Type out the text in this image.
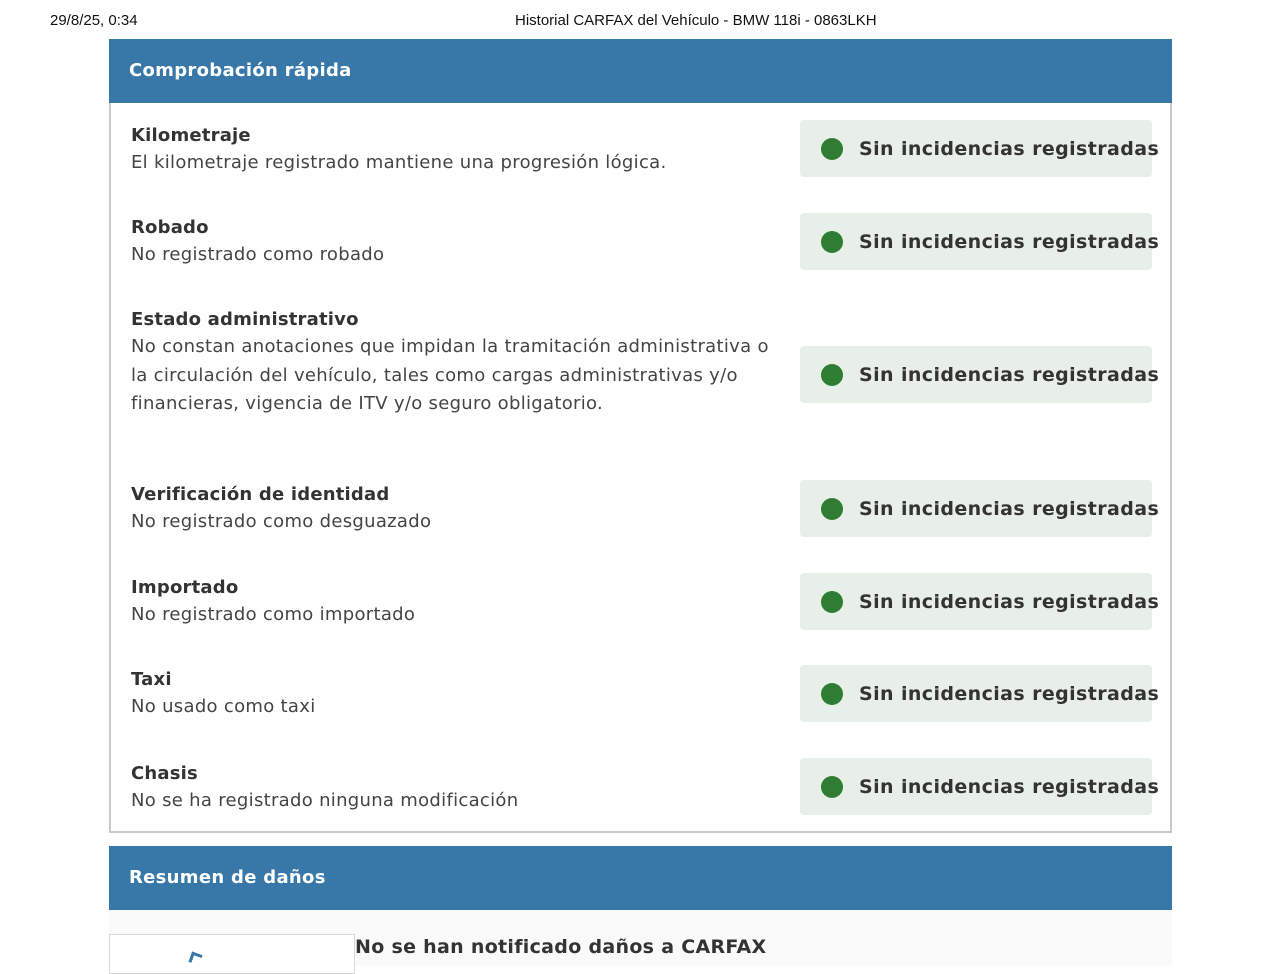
29/8/25, 0:34	Historial CARFAX del Vehículo - BMW 118i - 0863LKH
Comprobación rápida
Kilometraje
El kilometraje registrado mantiene una progresión lógica.
Sin incidencias registradas
Robado
No registrado como robado
Sin incidencias registradas
Estado administrativo
No constan anotaciones que impidan la tramitación administrativa o la circulación del vehículo, tales como cargas administrativas y/o financieras, vigencia de ITV y/o seguro obligatorio.
Sin incidencias registradas
Verificación de identidad
No registrado como desguazado
Sin incidencias registradas
Importado
No registrado como importado
Sin incidencias registradas
Taxi
No usado como taxi
Sin incidencias registradas
Chasis
No se ha registrado ninguna modificación
Sin incidencias registradas
Resumen de daños
No se han notificado daños a CARFAX
